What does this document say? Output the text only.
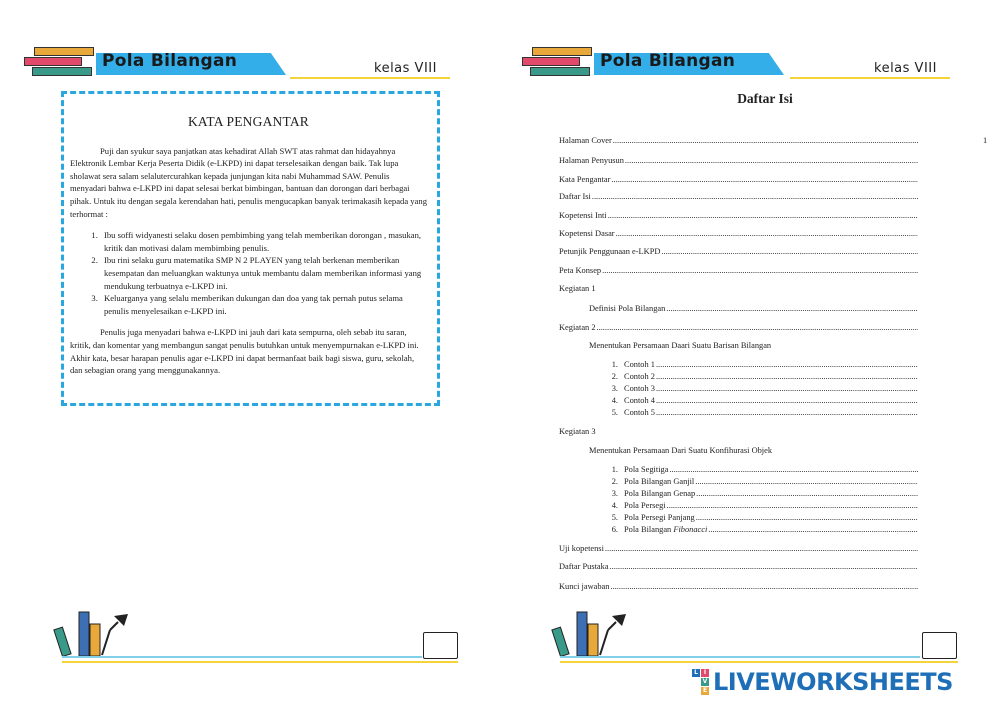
Pola Bilangan	kelas VIII
KATA PENGANTAR

Puji dan syukur saya panjatkan atas kehadirat Allah SWT atas rahmat dan hidayahnya Elektronik Lembar Kerja Peserta Didik (e-LKPD) ini dapat terselesaikan dengan baik. Tak lupa sholawat sera salam selalutercurahkan kepada junjungan kita nabi Muhammad SAW. Penulis menyadari bahwa e-LKPD ini dapat selesai berkat bimbingan, bantuan dan dorongan dari berbagai pihak. Untuk itu dengan segala kerendahan hati, penulis mengucapkan banyak terimakasih kepada yang terhormat :

1. Ibu soffi widyanesti selaku dosen pembimbing yang telah memberikan dorongan , masukan, kritik dan motivasi dalam membimbing penulis.
2. Ibu rini selaku guru matematika SMP N 2 PLAYEN yang telah berkenan memberikan kesempatan dan meluangkan waktunya untuk membantu dalam memberikan informasi yang mendukung terbuatnya e-LKPD ini.
3. Keluarganya yang selalu memberikan dukungan dan doa yang tak pernah putus selama penulis menyelesaikan e-LKPD ini.

Penulis juga menyadari bahwa e-LKPD ini jauh dari kata sempurna, oleh sebab itu saran, kritik, dan komentar yang membangun sangat penulis butuhkan untuk menyempurnakan e-LKPD ini. Akhir kata, besar harapan penulis agar e-LKPD ini dapat bermanfaat baik bagi siswa, guru, sekolah, dan sebagian orang yang menggunakannya.

Pola Bilangan	kelas VIII
Daftar Isi
Halaman Cover
.....	1
Halaman Penyusun
.....
Kata Pengantar
.....
Daftar Isi
.....
Kopetensi Inti
.....
Kopetensi Dasar
.....
Petunjik Penggunaan e-LKPD
.....
Peta Konsep
.....
Kegiatan 1
Definisi Pola Bilangan
.....
Kegiatan 2
.....
Menentukan Persamaan Daari Suatu Barisan Bilangan
1. Contoh 1
.....
2. Contoh 2
.....
3. Contoh 3
.....
4. Contoh 4
.....
5. Contoh 5
.....
Kegiatan 3
Menentukan Persamaan Dari Suatu Konfihurasi Objek
1. Pola Segitiga
.....
2. Pola Bilangan Ganjil
.....
3. Pola Bilangan Genap
.....
4. Pola Persegi
.....
5. Pola Persegi Panjang
.....
6. Pola Bilangan Fibonacci
.....
Uji kopetensi
.....
Daftar Pustaka
.....
Kunci jawaban
.....
L I
V
E LIVEWORKSHEETS
